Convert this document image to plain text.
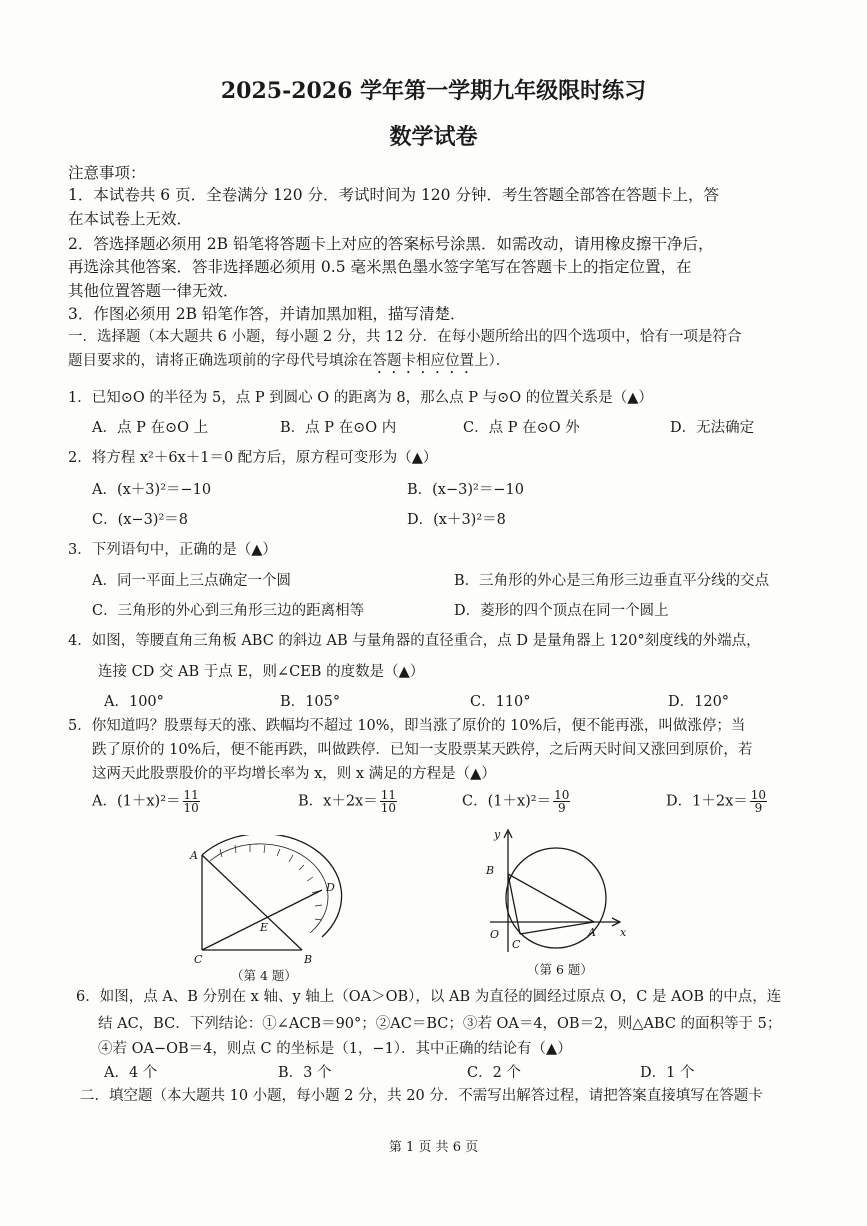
2025-2026 学年第一学期九年级限时练习
数学试卷
注意事项：
1．本试卷共 6 页．全卷满分 120 分．考试时间为 120 分钟．考生答题全部答在答题卡上，答
在本试卷上无效．
2．答选择题必须用 2B 铅笔将答题卡上对应的答案标号涂黑．如需改动，请用橡皮擦干净后，
再选涂其他答案．答非选择题必须用 0.5 毫米黑色墨水签字笔写在答题卡上的指定位置，在
其他位置答题一律无效．
3．作图必须用 2B 铅笔作答，并请加黑加粗，描写清楚．
一．选择题（本大题共 6 小题，每小题 2 分，共 12 分．在每小题所给出的四个选项中，恰有一项是符合
题目要求的，请将正确选项前的字母代号填涂在答题卡相应位置上）．
1．已知⊙O 的半径为 5，点 P 到圆心 O 的距离为 8，那么点 P 与⊙O 的位置关系是（▲）
A．点 P 在⊙O 上	B．点 P 在⊙O 内	C．点 P 在⊙O 外	D．无法确定
2．将方程 x²＋6x＋1＝0 配方后，原方程可变形为（▲）
A．(x＋3)²＝−10	B．(x−3)²＝−10
C．(x−3)²＝8	D．(x＋3)²＝8
3．下列语句中，正确的是（▲）
A．同一平面上三点确定一个圆	B．三角形的外心是三角形三边垂直平分线的交点
C．三角形的外心到三角形三边的距离相等	D．菱形的四个顶点在同一个圆上
4．如图，等腰直角三角板 ABC 的斜边 AB 与量角器的直径重合，点 D 是量角器上 120°刻度线的外端点，
连接 CD 交 AB 于点 E，则∠CEB 的度数是（▲）
A．100°	B．105°	C．110°	D．120°
5．你知道吗？股票每天的涨、跌幅均不超过 10%，即当涨了原价的 10%后，便不能再涨，叫做涨停；当
跌了原价的 10%后，便不能再跌，叫做跌停．已知一支股票某天跌停，之后两天时间又涨回到原价，若
这两天此股票股价的平均增长率为 x，则 x 满足的方程是（▲）
A．$(1+x)^2= \frac{11}{10}$	B．$x+2x= \frac{11}{10}$	C．$(1+x)^2= \frac{10}{9}$	D．$1+2x= \frac{10}{9}$
A
B
C
D
E
（第 4 题）
y
B
O
C
A x
（第 6 题）
6．如图，点 A、B 分别在 x 轴、y 轴上（OA＞OB），以 AB 为直径的圆经过原点 O，C 是 AOB 的中点，连
结 AC，BC．下列结论：①∠ACB＝90°；②AC＝BC；③若 OA＝4，OB＝2，则△ABC 的面积等于 5；
④若 OA−OB＝4，则点 C 的坐标是（1，−1）．其中正确的结论有（▲）
A．4 个	B．3 个	C．2 个	D．1 个
二．填空题（本大题共 10 小题，每小题 2 分，共 20 分．不需写出解答过程，请把答案直接填写在答题卡
第 1 页 共 6 页
